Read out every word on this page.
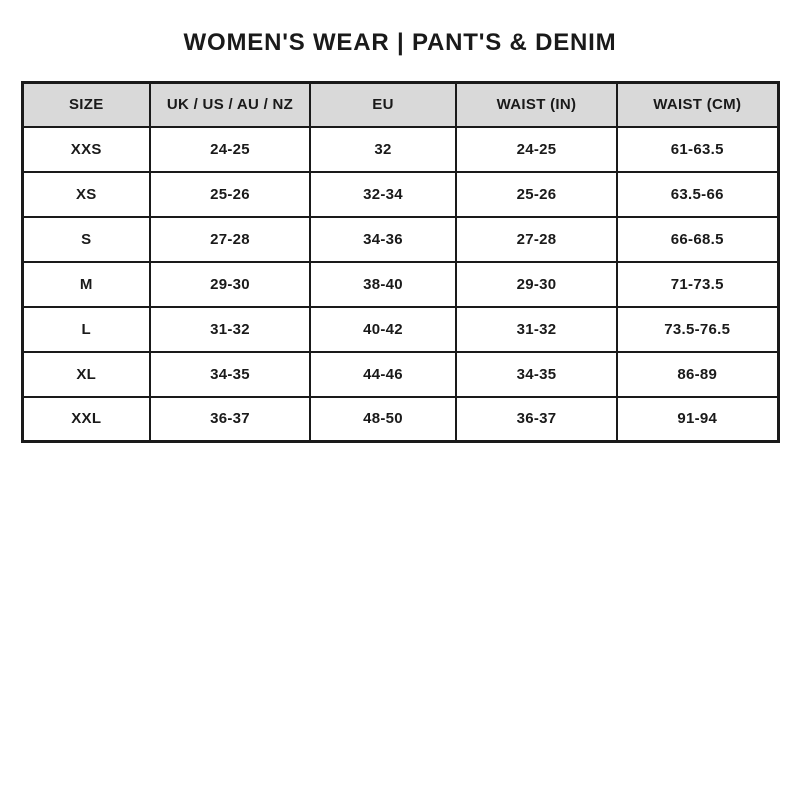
WOMEN'S WEAR | PANT'S & DENIM
SIZE	UK / US / AU / NZ	EU	WAIST (IN)	WAIST (CM)
XXS	24-25	32	24-25	61-63.5
XS	25-26	32-34	25-26	63.5-66
S	27-28	34-36	27-28	66-68.5
M	29-30	38-40	29-30	71-73.5
L	31-32	40-42	31-32	73.5-76.5
XL	34-35	44-46	34-35	86-89
XXL	36-37	48-50	36-37	91-94
